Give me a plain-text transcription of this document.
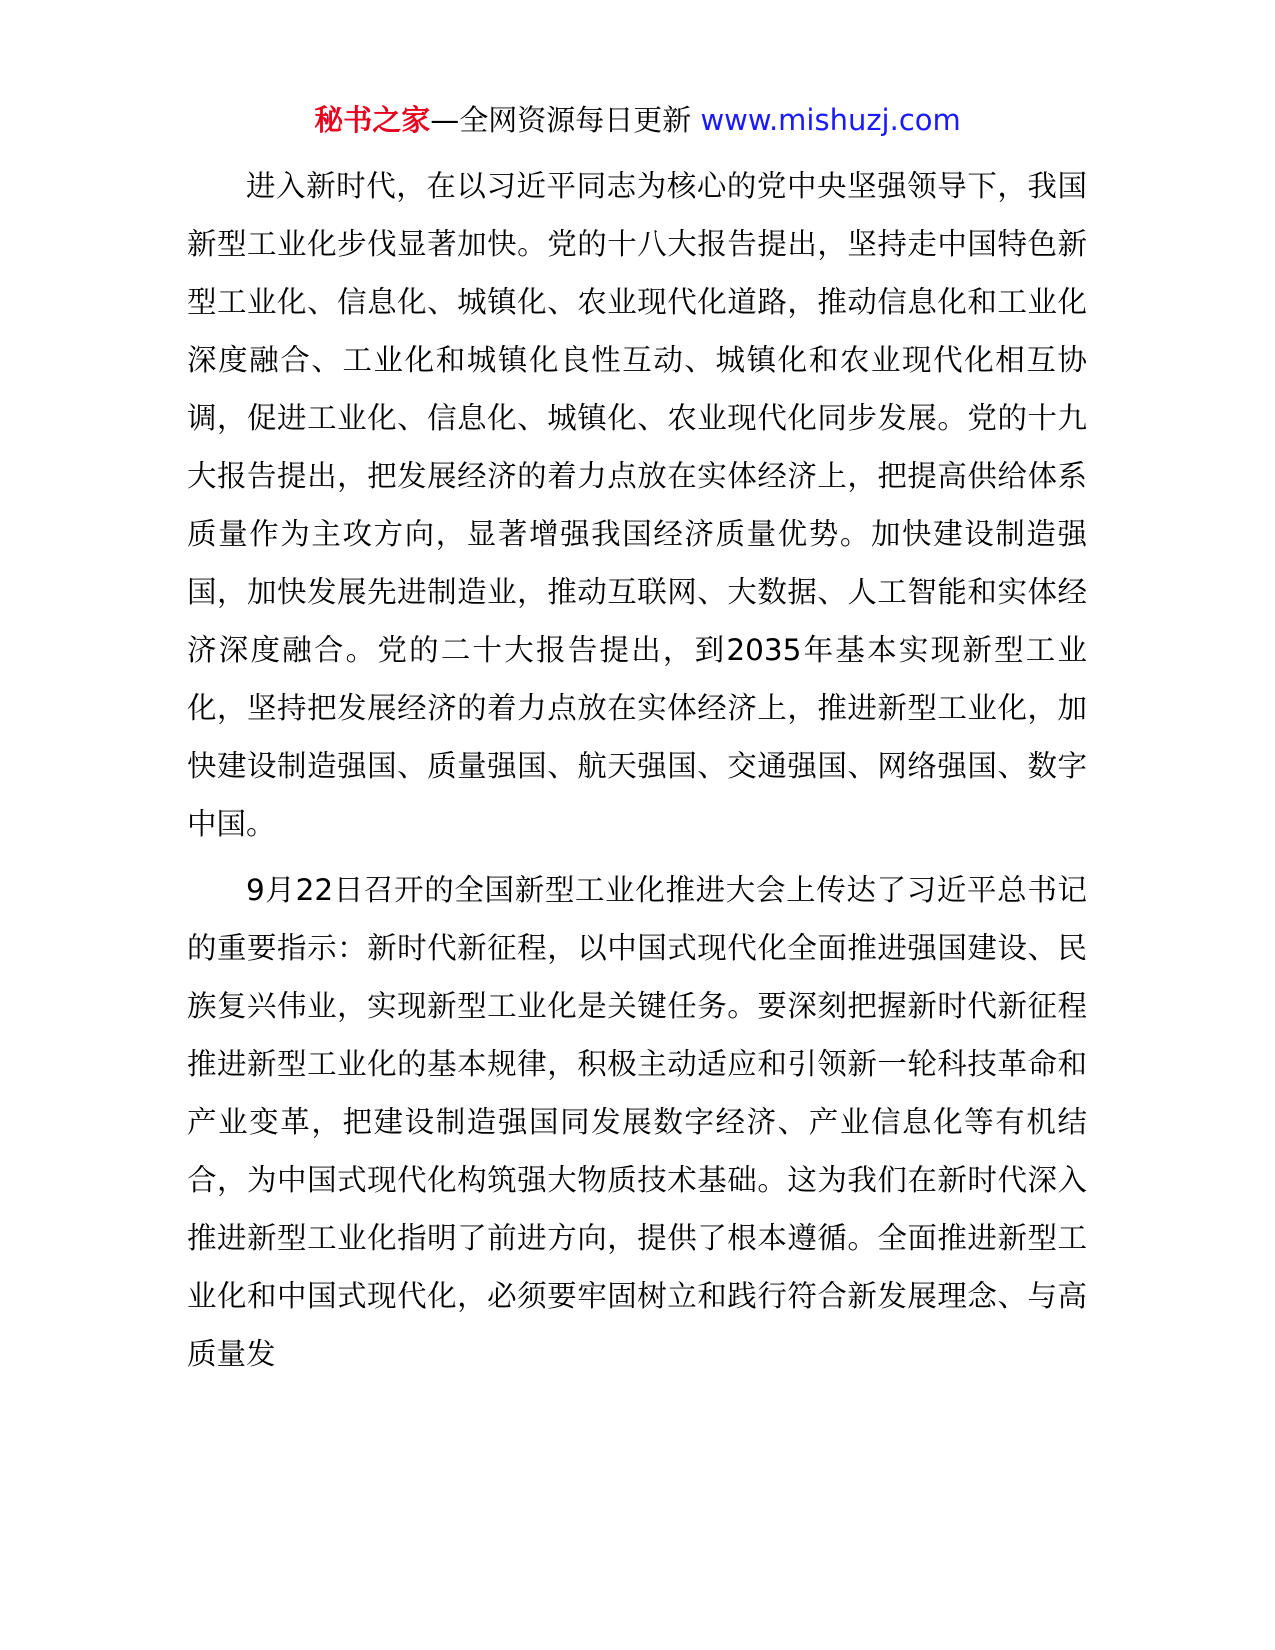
秘书之家—全网资源每日更新 www.mishuzj.com

进入新时代，在以习近平同志为核心的党中央坚强领导下，我国新型工业化步伐显著加快。党的十八大报告提出，坚持走中国特色新型工业化、信息化、城镇化、农业现代化道路，推动信息化和工业化深度融合、工业化和城镇化良性互动、城镇化和农业现代化相互协调，促进工业化、信息化、城镇化、农业现代化同步发展。党的十九大报告提出，把发展经济的着力点放在实体经济上，把提高供给体系质量作为主攻方向，显著增强我国经济质量优势。加快建设制造强国，加快发展先进制造业，推动互联网、大数据、人工智能和实体经济深度融合。党的二十大报告提出，到2035年基本实现新型工业化，坚持把发展经济的着力点放在实体经济上，推进新型工业化，加快建设制造强国、质量强国、航天强国、交通强国、网络强国、数字中国。

9月22日召开的全国新型工业化推进大会上传达了习近平总书记的重要指示：新时代新征程，以中国式现代化全面推进强国建设、民族复兴伟业，实现新型工业化是关键任务。要深刻把握新时代新征程推进新型工业化的基本规律，积极主动适应和引领新一轮科技革命和产业变革，把建设制造强国同发展数字经济、产业信息化等有机结合，为中国式现代化构筑强大物质技术基础。这为我们在新时代深入推进新型工业化指明了前进方向，提供了根本遵循。全面推进新型工业化和中国式现代化，必须要牢固树立和践行符合新发展理念、与高质量发
